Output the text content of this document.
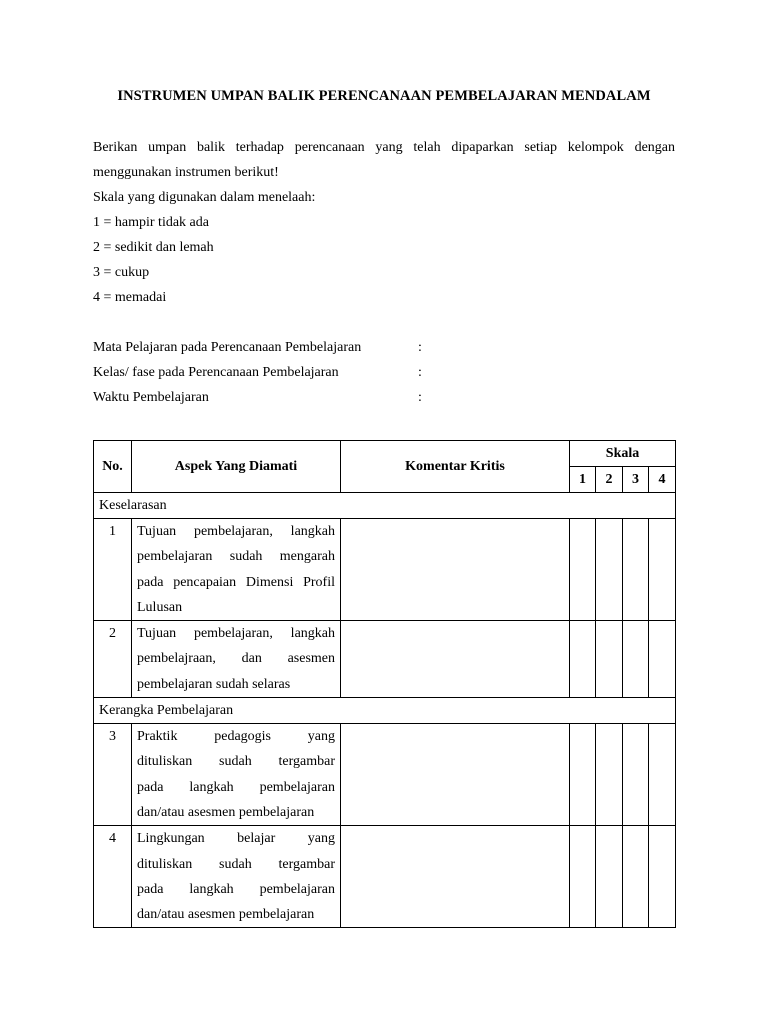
INSTRUMEN UMPAN BALIK PERENCANAAN PEMBELAJARAN MENDALAM

Berikan umpan balik terhadap perencanaan yang telah dipaparkan setiap kelompok dengan

menggunakan instrumen berikut!

Skala yang digunakan dalam menelaah:

1 = hampir tidak ada

2 = sedikit dan lemah

3 = cukup

4 = memadai

Mata Pelajaran pada Perencanaan Pembelajaran	:
Kelas/ fase pada Perencanaan Pembelajaran	:
Waktu Pembelajaran	:
No.	Aspek Yang Diamati	Komentar Kritis	Skala			
			1	2	3	4
Keselarasan						
1	Tujuan pembelajaran, langkah
pembelajaran sudah mengarah
pada pencapaian Dimensi Profil
Lulusan					

2	Tujuan pembelajaran, langkah
pembelajraan, dan asesmen
pembelajaran sudah selaras					

Kerangka Pembelajaran						
3	Praktik pedagogis yang
dituliskan sudah tergambar
pada langkah pembelajaran
dan/atau asesmen pembelajaran					

4	Lingkungan belajar yang
dituliskan sudah tergambar
pada langkah pembelajaran
dan/atau asesmen pembelajaran					
